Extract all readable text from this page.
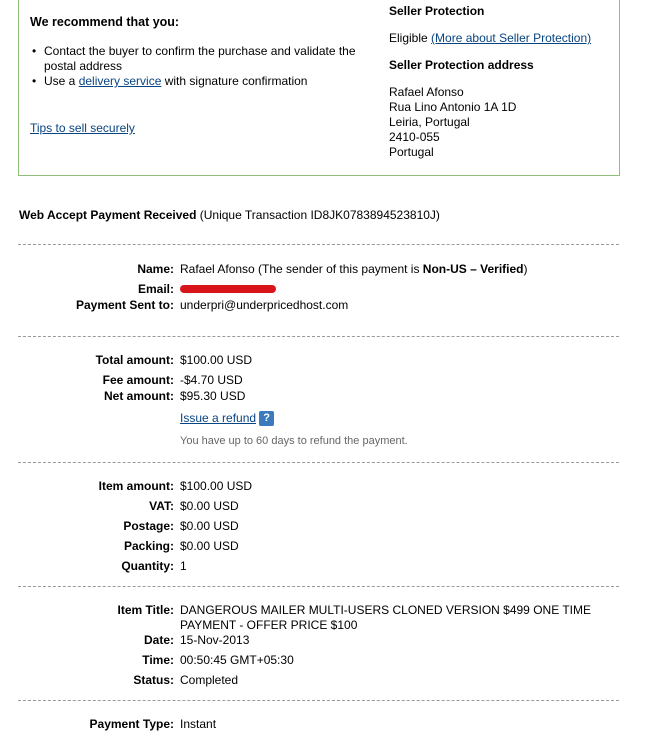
We recommend that you:
• Contact the buyer to confirm the purchase and validate the postal address
• Use a delivery service with signature confirmation
Tips to sell securely
Seller Protection
Eligible (More about Seller Protection)
Seller Protection address
Rafael Afonso
Rua Lino Antonio 1A 1D
Leiria, Portugal
2410-055
Portugal
Web Accept Payment Received (Unique Transaction ID8JK0783894523810J)
Name: Rafael Afonso (The sender of this payment is Non-US – Verified)
Email:
Payment Sent to: underpri@underpricedhost.com
Total amount: $100.00 USD
Fee amount: -$4.70 USD
Net amount: $95.30 USD
Issue a refund ?
You have up to 60 days to refund the payment.
Item amount: $100.00 USD
VAT: $0.00 USD
Postage: $0.00 USD
Packing: $0.00 USD
Quantity: 1
Item Title: DANGEROUS MAILER MULTI-USERS CLONED VERSION $499 ONE TIME PAYMENT - OFFER PRICE $100
Date: 15-Nov-2013
Time: 00:50:45 GMT+05:30
Status: Completed
Payment Type: Instant
